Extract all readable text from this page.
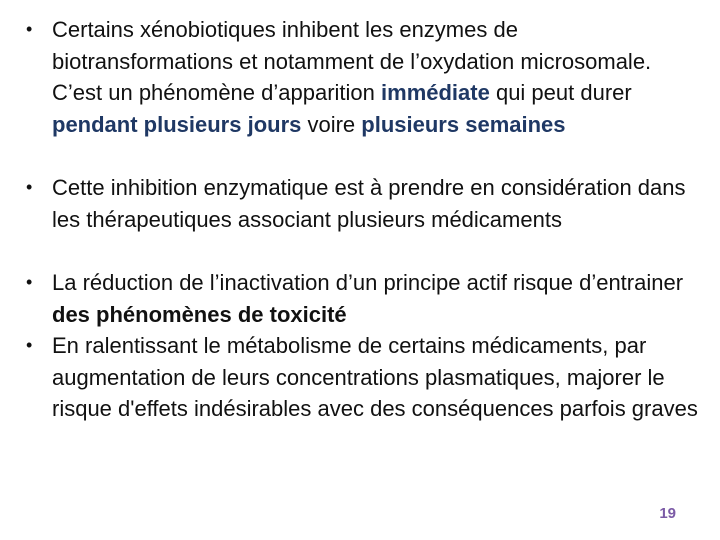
• Certains xénobiotiques inhibent les enzymes de biotransformations et notamment de l’oxydation microsomale. C’est un phénomène d’apparition immédiate qui peut durer pendant plusieurs jours voire plusieurs semaines
• Cette inhibition enzymatique est à prendre en considération dans les thérapeutiques associant plusieurs médicaments
• La réduction de l’inactivation d’un principe actif risque d’entrainer des phénomènes de toxicité
• En ralentissant le métabolisme de certains médicaments, par augmentation de leurs concentrations plasmatiques, majorer le risque d'effets indésirables avec des conséquences parfois graves
19
